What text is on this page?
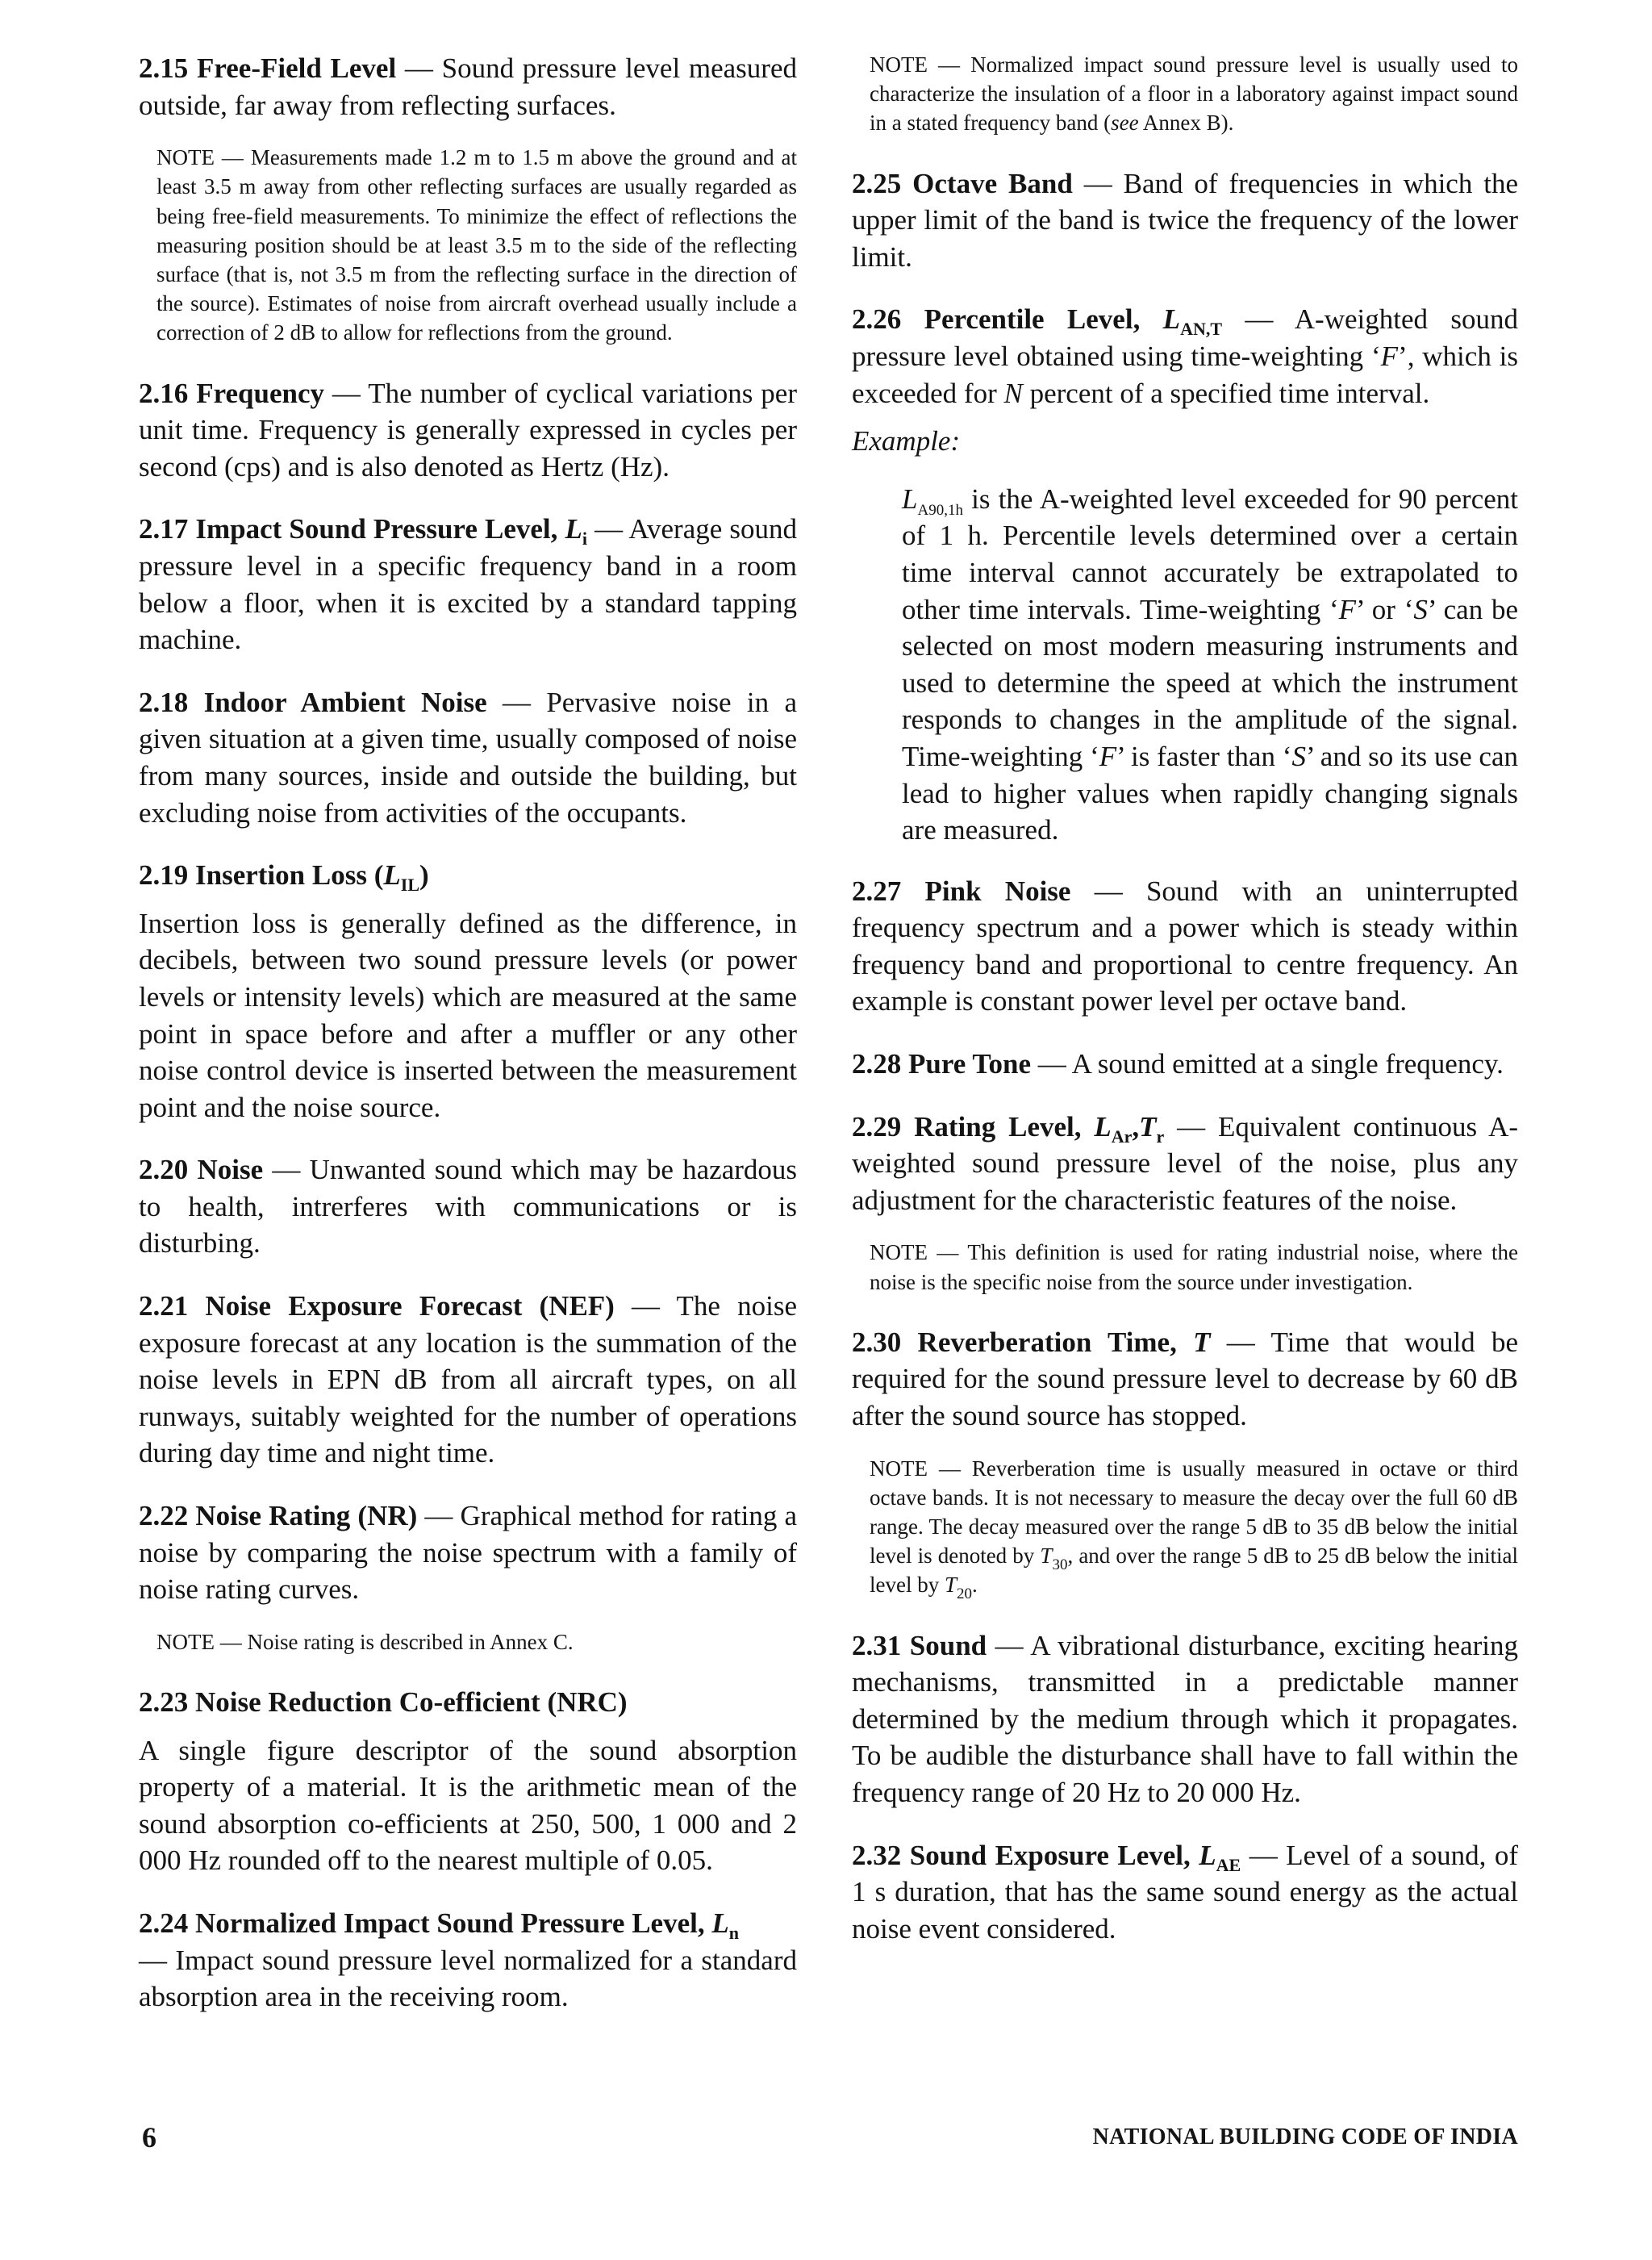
2.15 Free-Field Level — Sound pressure level measured outside, far away from reflecting surfaces.

NOTE — Measurements made 1.2 m to 1.5 m above the ground and at least 3.5 m away from other reflecting surfaces are usually regarded as being free-field measurements. To minimize the effect of reflections the measuring position should be at least 3.5 m to the side of the reflecting surface (that is, not 3.5 m from the reflecting surface in the direction of the source). Estimates of noise from aircraft overhead usually include a correction of 2 dB to allow for reflections from the ground.

2.16 Frequency — The number of cyclical variations per unit time. Frequency is generally expressed in cycles per second (cps) and is also denoted as Hertz (Hz).

2.17 Impact Sound Pressure Level, $L_i$ — Average sound pressure level in a specific frequency band in a room below a floor, when it is excited by a standard tapping machine.

2.18 Indoor Ambient Noise — Pervasive noise in a given situation at a given time, usually composed of noise from many sources, inside and outside the building, but excluding noise from activities of the occupants.

2.19 Insertion Loss $(L_{IL})$

Insertion loss is generally defined as the difference, in decibels, between two sound pressure levels (or power levels or intensity levels) which are measured at the same point in space before and after a muffler or any other noise control device is inserted between the measurement point and the noise source.

2.20 Noise — Unwanted sound which may be hazardous to health, intrerferes with communications or is disturbing.

2.21 Noise Exposure Forecast (NEF) — The noise exposure forecast at any location is the summation of the noise levels in EPN dB from all aircraft types, on all runways, suitably weighted for the number of operations during day time and night time.

2.22 Noise Rating (NR) — Graphical method for rating a noise by comparing the noise spectrum with a family of noise rating curves.

NOTE — Noise rating is described in Annex C.

2.23 Noise Reduction Co-efficient (NRC)

A single figure descriptor of the sound absorption property of a material. It is the arithmetic mean of the sound absorption co-efficients at 250, 500, 1 000 and 2 000 Hz rounded off to the nearest multiple of 0.05.

2.24 Normalized Impact Sound Pressure Level, $L_n$
— Impact sound pressure level normalized for a standard absorption area in the receiving room.

NOTE — Normalized impact sound pressure level is usually used to characterize the insulation of a floor in a laboratory against impact sound in a stated frequency band (see Annex B).

2.25 Octave Band — Band of frequencies in which the upper limit of the band is twice the frequency of the lower limit.

2.26 Percentile Level, $L_{AN,T}$ — A-weighted sound pressure level obtained using time-weighting ‘F’, which is exceeded for N percent of a specified time interval.

Example:

$L_{A90,1h}$ is the A-weighted level exceeded for 90 percent of 1 h. Percentile levels determined over a certain time interval cannot accurately be extrapolated to other time intervals. Time-weighting ‘F’ or ‘S’ can be selected on most modern measuring instruments and used to determine the speed at which the instrument responds to changes in the amplitude of the signal. Time-weighting ‘F’ is faster than ‘S’ and so its use can lead to higher values when rapidly changing signals are measured.

2.27 Pink Noise — Sound with an uninterrupted frequency spectrum and a power which is steady within frequency band and proportional to centre frequency. An example is constant power level per octave band.

2.28 Pure Tone — A sound emitted at a single frequency.

2.29 Rating Level, $L_{Ar},T_r$ — Equivalent continuous A-weighted sound pressure level of the noise, plus any adjustment for the characteristic features of the noise.

NOTE — This definition is used for rating industrial noise, where the noise is the specific noise from the source under investigation.

2.30 Reverberation Time, T — Time that would be required for the sound pressure level to decrease by 60 dB after the sound source has stopped.

NOTE — Reverberation time is usually measured in octave or third octave bands. It is not necessary to measure the decay over the full 60 dB range. The decay measured over the range 5 dB to 35 dB below the initial level is denoted by $T_{30}$, and over the range 5 dB to 25 dB below the initial level by $T_{20}$.

2.31 Sound — A vibrational disturbance, exciting hearing mechanisms, transmitted in a predictable manner determined by the medium through which it propagates. To be audible the disturbance shall have to fall within the frequency range of 20 Hz to 20 000 Hz.

2.32 Sound Exposure Level, $L_{AE}$ — Level of a sound, of 1 s duration, that has the same sound energy as the actual noise event considered.

6	NATIONAL BUILDING CODE OF INDIA
